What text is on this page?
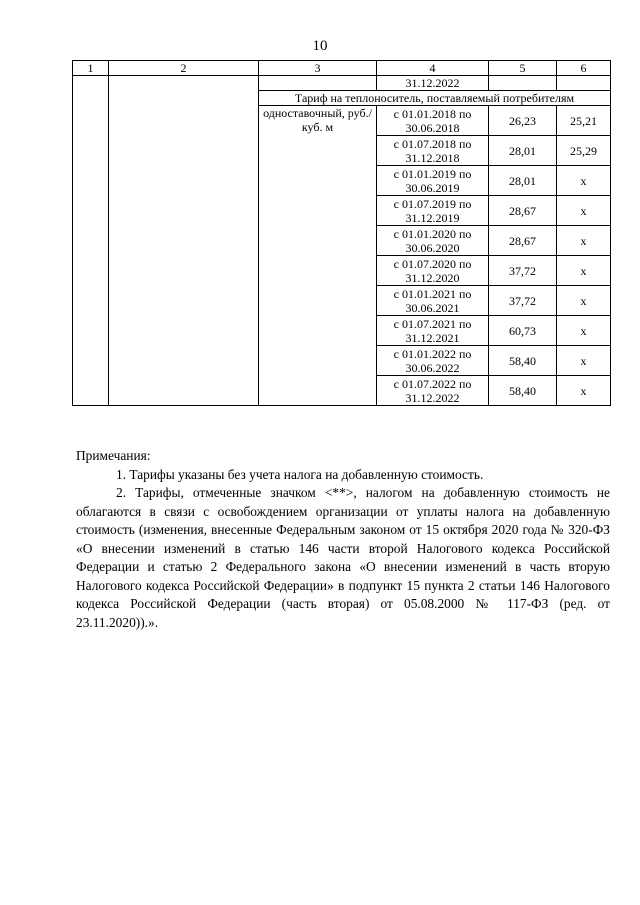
10
1	2	3	4	5	6
			31.12.2022		
		Тариф на теплоноситель, поставляемый потребителям			
		одноставочный, руб./куб. м	с 01.01.2018 по 30.06.2018	26,23	25,21
			с 01.07.2018 по 31.12.2018	28,01	25,29
			с 01.01.2019 по 30.06.2019	28,01	х
			с 01.07.2019 по 31.12.2019	28,67	х
			с 01.01.2020 по 30.06.2020	28,67	х
			с 01.07.2020 по 31.12.2020	37,72	х
			с 01.01.2021 по 30.06.2021	37,72	х
			с 01.07.2021 по 31.12.2021	60,73	х
			с 01.01.2022 по 30.06.2022	58,40	х
			с 01.07.2022 по 31.12.2022	58,40	х

Примечания:

1. Тарифы указаны без учета налога на добавленную стоимость.

2. Тарифы, отмеченные значком <**>, налогом на добавленную стоимость не облагаются в связи с освобождением организации от уплаты налога на добавленную стоимость (изменения, внесенные Федеральным законом от 15 октября 2020 года № 320-ФЗ «О внесении изменений в статью 146 части второй Налогового кодекса Российской Федерации и статью 2 Федерального закона «О внесении изменений в часть вторую Налогового кодекса Российской Федерации» в подпункт 15 пункта 2 статьи 146 Налогового кодекса Российской Федерации (часть вторая) от 05.08.2000 № 117-ФЗ (ред. от 23.11.2020)).».
